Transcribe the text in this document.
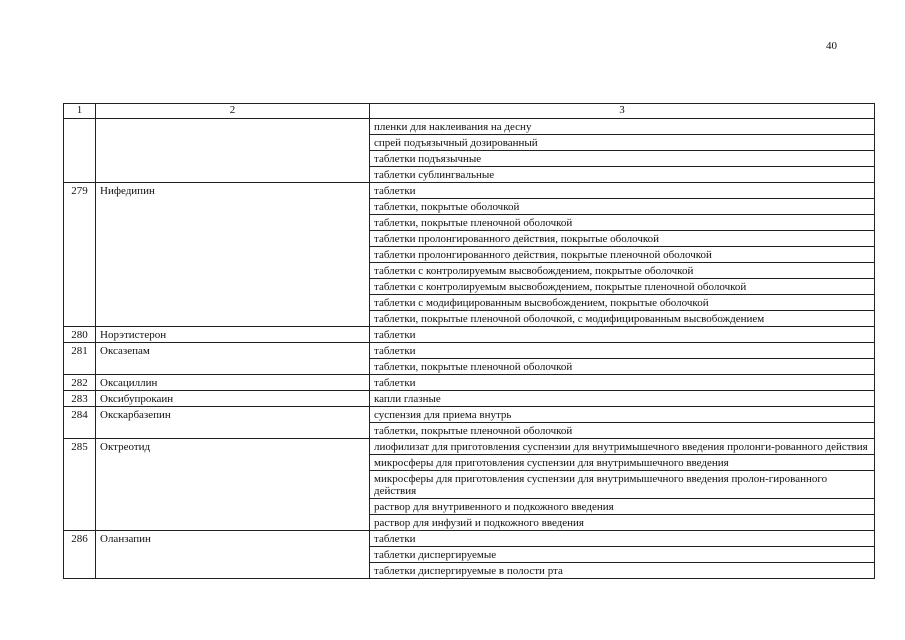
40
1	2	3
		пленки для наклеивания на десну
		спрей подъязычный дозированный
		таблетки подъязычные
		таблетки сублингвальные
279	Нифедипин	таблетки
		таблетки, покрытые оболочкой
		таблетки, покрытые пленочной оболочкой
		таблетки пролонгированного действия, покрытые оболочкой
		таблетки пролонгированного действия, покрытые пленочной оболочкой
		таблетки с контролируемым высвобождением, покрытые оболочкой
		таблетки с контролируемым высвобождением, покрытые пленочной оболочкой
		таблетки с модифицированным высвобождением, покрытые оболочкой
		таблетки, покрытые пленочной оболочкой, с модифицированным высвобождением
280	Норэтистерон	таблетки
281	Оксазепам	таблетки
		таблетки, покрытые пленочной оболочкой
282	Оксациллин	таблетки
283	Оксибупрокаин	капли глазные
284	Окскарбазепин	суспензия для приема внутрь
		таблетки, покрытые пленочной оболочкой
285	Октреотид	лиофилизат для приготовления суспензии для внутримышечного введения пролонги-рованного действия
		микросферы для приготовления суспензии для внутримышечного введения
		микросферы для приготовления суспензии для внутримышечного введения пролон-гированного действия
		раствор для внутривенного и подкожного введения
		раствор для инфузий и подкожного введения
286	Оланзапин	таблетки
		таблетки диспергируемые
		таблетки диспергируемые в полости рта
